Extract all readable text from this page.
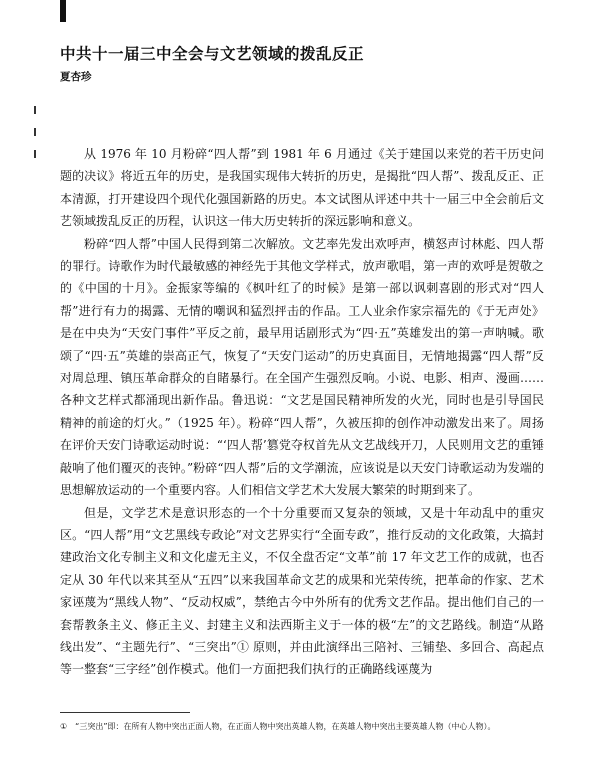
中共十一届三中全会与文艺领域的拨乱反正
夏杏珍

从 1976 年 10 月粉碎“四人帮”到 1981 年 6 月通过《关于建国以来党的若干历史问题的决议》将近五年的历史，是我国实现伟大转折的历史，是揭批“四人帮”、拨乱反正、正本清源，打开建设四个现代化强国新路的历史。本文试图从评述中共十一届三中全会前后文艺领域拨乱反正的历程，认识这一伟大历史转折的深远影响和意义。

粉碎“四人帮”中国人民得到第二次解放。文艺率先发出欢呼声，横怒声讨林彪、四人帮的罪行。诗歌作为时代最敏感的神经先于其他文学样式，放声歌唱，第一声的欢呼是贺敬之的《中国的十月》。金振家等编的《枫叶红了的时候》是第一部以讽刺喜剧的形式对“四人帮”进行有力的揭露、无情的嘲讽和猛烈抨击的作品。工人业余作家宗福先的《于无声处》是在中央为“天安门事件”平反之前，最早用话剧形式为“四·五”英雄发出的第一声呐喊。歌颂了“四·五”英雄的崇高正气，恢复了“天安门运动”的历史真面目，无情地揭露“四人帮”反对周总理、镇压革命群众的自睹暴行。在全国产生强烈反响。小说、电影、相声、漫画……各种文艺样式都涌现出新作品。鲁迅说：“文艺是国民精神所发的火光，同时也是引导国民精神的前途的灯火。”（1925 年）。粉碎“四人帮”，久被压抑的创作冲动激发出来了。周扬在评价天安门诗歌运动时说：“‘四人帮’篡党夺权首先从文艺战线开刀，人民则用文艺的重锤敲响了他们覆灭的丧钟。”粉碎“四人帮”后的文学潮流，应该说是以天安门诗歌运动为发端的思想解放运动的一个重要内容。人们相信文学艺术大发展大繁荣的时期到来了。

但是，文学艺术是意识形态的一个十分重要而又复杂的领域，又是十年动乱中的重灾区。“四人帮”用“文艺黑线专政论”对文艺界实行“全面专政”，推行反动的文化政策，大搞封建政治文化专制主义和文化虚无主义，不仅全盘否定“文革”前 17 年文艺工作的成就，也否定从 30 年代以来其至从“五四”以来我国革命文艺的成果和光荣传统，把革命的作家、艺术家诬蔑为“黑线人物”、“反动权威”，禁绝古今中外所有的优秀文艺作品。提出他们自己的一套帮教条主义、修正主义、封建主义和法西斯主义于一体的极“左”的文艺路线。制造“从路线出发”、“主题先行”、“三突出”① 原则，并由此演绎出三陪衬、三铺垫、多回合、高起点等一整套“三字经”创作模式。他们一方面把我们执行的正确路线诬蔑为

① “三突出”即：在所有人物中突出正面人物，在正面人物中突出英雄人物，在英雄人物中突出主要英雄人物（中心人物）。
